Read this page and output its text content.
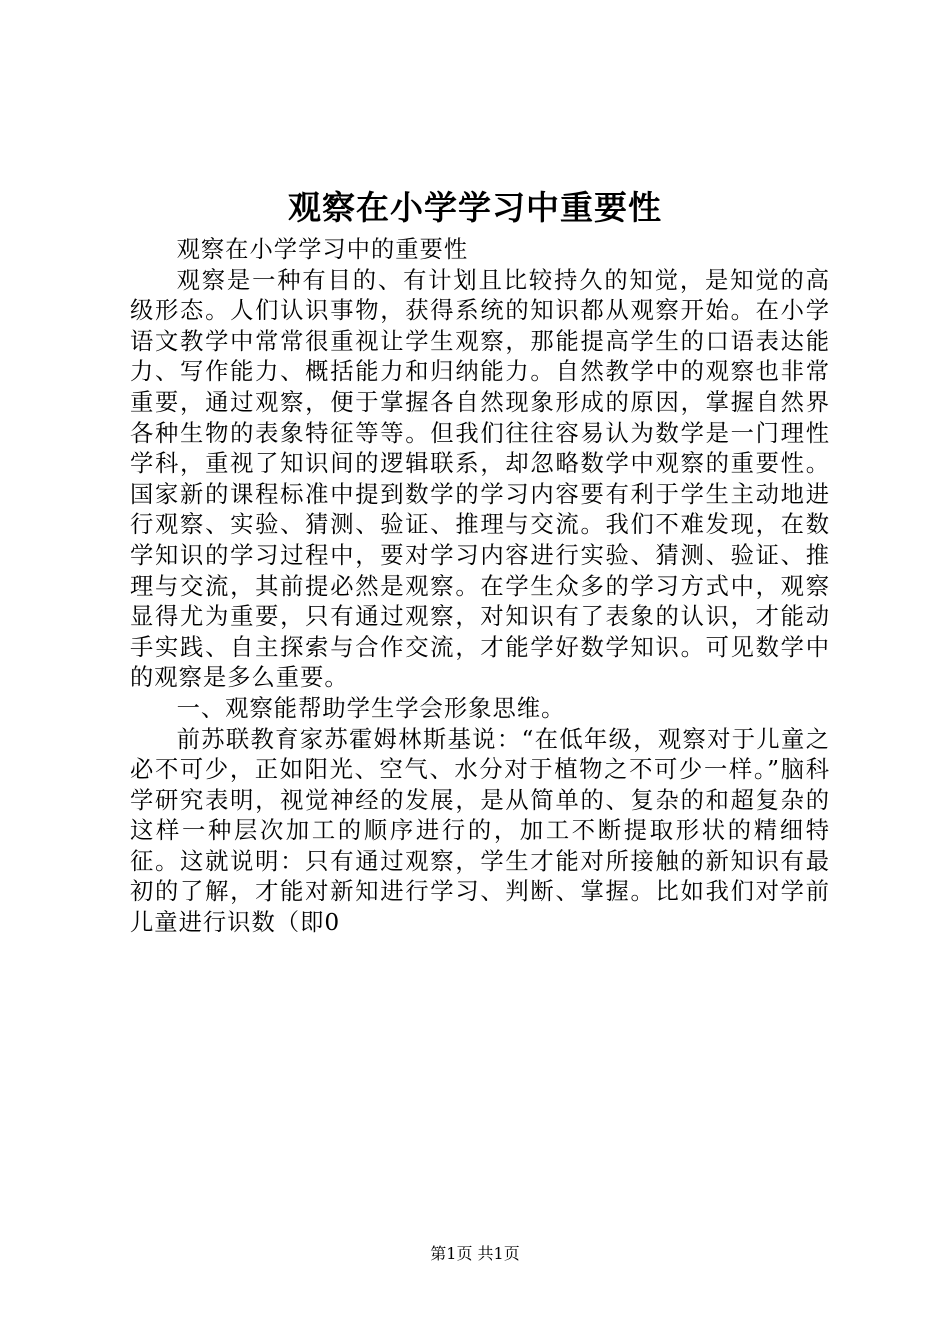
观察在小学学习中重要性

观察在小学学习中的重要性

观察是一种有目的、有计划且比较持久的知觉，是知觉的高级形态。人们认识事物，获得系统的知识都从观察开始。在小学语文教学中常常很重视让学生观察，那能提高学生的口语表达能力、写作能力、概括能力和归纳能力。自然教学中的观察也非常重要，通过观察，便于掌握各自然现象形成的原因，掌握自然界各种生物的表象特征等等。但我们往往容易认为数学是一门理性学科，重视了知识间的逻辑联系，却忽略数学中观察的重要性。国家新的课程标准中提到数学的学习内容要有利于学生主动地进行观察、实验、猜测、验证、推理与交流。我们不难发现，在数学知识的学习过程中，要对学习内容进行实验、猜测、验证、推理与交流，其前提必然是观察。在学生众多的学习方式中，观察显得尤为重要，只有通过观察，对知识有了表象的认识，才能动手实践、自主探索与合作交流，才能学好数学知识。可见数学中的观察是多么重要。

一、观察能帮助学生学会形象思维。

前苏联教育家苏霍姆林斯基说：“在低年级，观察对于儿童之必不可少，正如阳光、空气、水分对于植物之不可少一样。”脑科学研究表明，视觉神经的发展，是从简单的、复杂的和超复杂的这样一种层次加工的顺序进行的，加工不断提取形状的精细特征。这就说明：只有通过观察，学生才能对所接触的新知识有最初的了解，才能对新知进行学习、判断、掌握。比如我们对学前儿童进行识数（即0

第1页 共1页
